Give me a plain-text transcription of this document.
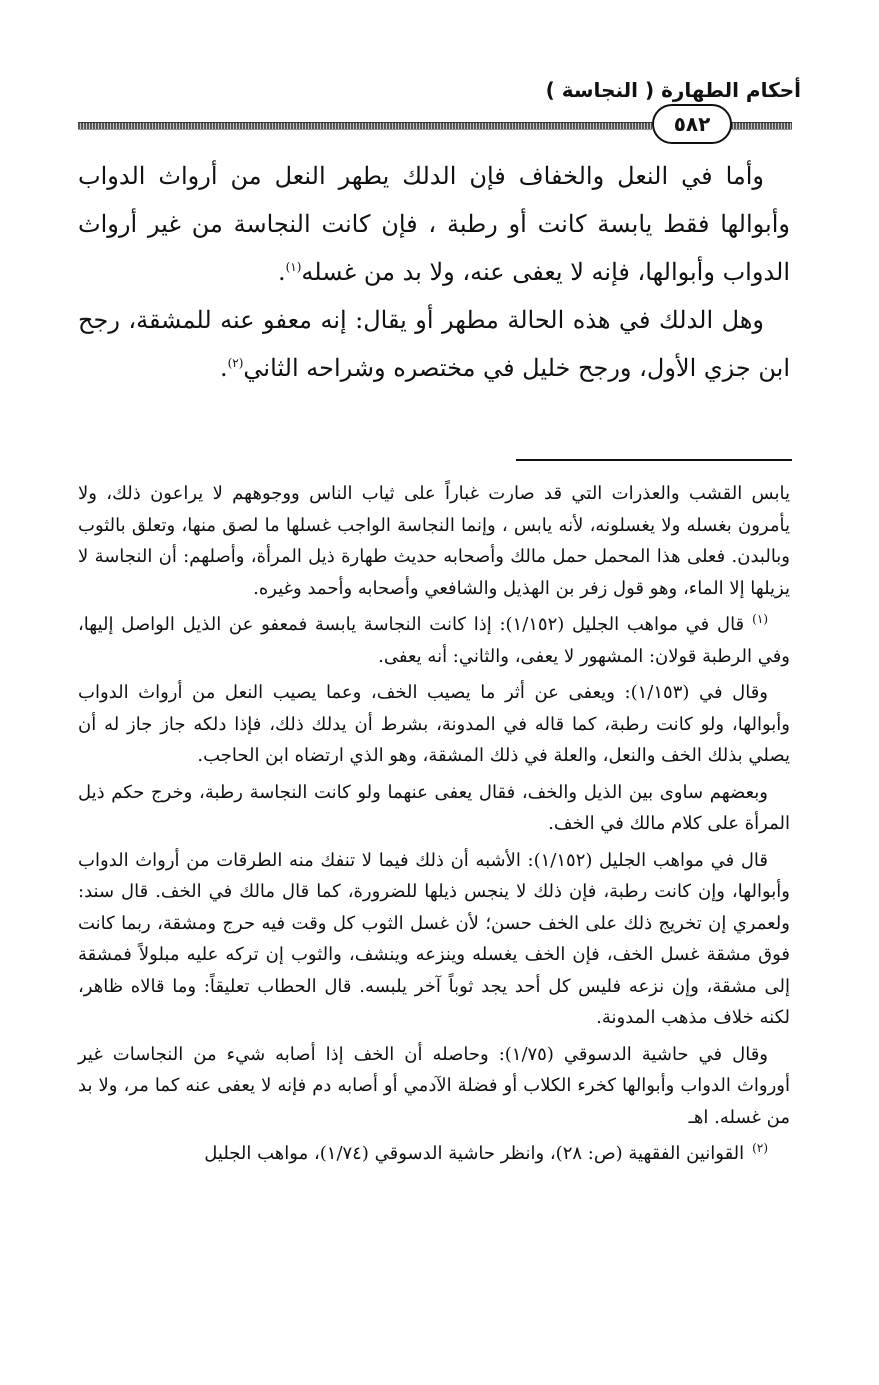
أحكام الطهارة ( النجاسة )
٥٨٢

وأما في النعل والخفاف فإن الدلك يطهر النعل من أرواث الدواب وأبوالها فقط يابسة كانت أو رطبة ، فإن كانت النجاسة من غير أرواث الدواب وأبوالها، فإنه لا يعفى عنه، ولا بد من غسله$^{(١)}$.

وهل الدلك في هذه الحالة مطهر أو يقال: إنه معفو عنه للمشقة، رجح ابن جزي الأول، ورجح خليل في مختصره وشراحه الثاني$^{(٢)}$.

يابس القشب والعذرات التي قد صارت غباراً على ثياب الناس ووجوههم لا يراعون ذلك، ولا يأمرون بغسله ولا يغسلونه، لأنه يابس ، وإنما النجاسة الواجب غسلها ما لصق منها، وتعلق بالثوب وبالبدن. فعلى هذا المحمل حمل مالك وأصحابه حديث طهارة ذيل المرأة، وأصلهم: أن النجاسة لا يزيلها إلا الماء، وهو قول زفر بن الهذيل والشافعي وأصحابه وأحمد وغيره.

$^{(١)}$قال في مواهب الجليل (١/١٥٢): إذا كانت النجاسة يابسة فمعفو عن الذيل الواصل إليها، وفي الرطبة قولان: المشهور لا يعفى، والثاني: أنه يعفى.

وقال في (١/١٥٣): ويعفى عن أثر ما يصيب الخف، وعما يصيب النعل من أرواث الدواب وأبوالها، ولو كانت رطبة، كما قاله في المدونة، بشرط أن يدلك ذلك، فإذا دلكه جاز جاز له أن يصلي بذلك الخف والنعل، والعلة في ذلك المشقة، وهو الذي ارتضاه ابن الحاجب.

وبعضهم ساوى بين الذيل والخف، فقال يعفى عنهما ولو كانت النجاسة رطبة، وخرج حكم ذيل المرأة على كلام مالك في الخف.

قال في مواهب الجليل (١/١٥٢): الأشبه أن ذلك فيما لا تنفك منه الطرقات من أرواث الدواب وأبوالها، وإن كانت رطبة، فإن ذلك لا ينجس ذيلها للضرورة، كما قال مالك في الخف. قال سند: ولعمري إن تخريج ذلك على الخف حسن؛ لأن غسل الثوب كل وقت فيه حرج ومشقة، ربما كانت فوق مشقة غسل الخف، فإن الخف يغسله وينزعه وينشف، والثوب إن تركه عليه مبلولاً فمشقة إلى مشقة، وإن نزعه فليس كل أحد يجد ثوباً آخر يلبسه. قال الحطاب تعليقاً: وما قالاه ظاهر، لكنه خلاف مذهب المدونة.

وقال في حاشية الدسوقي (١/٧٥): وحاصله أن الخف إذا أصابه شيء من النجاسات غير أورواث الدواب وأبوالها كخرء الكلاب أو فضلة الآدمي أو أصابه دم فإنه لا يعفى عنه كما مر، ولا بد من غسله. اهـ

$^{(٢)}$القوانين الفقهية (ص: ٢٨)، وانظر حاشية الدسوقي (١/٧٤)، مواهب الجليل
